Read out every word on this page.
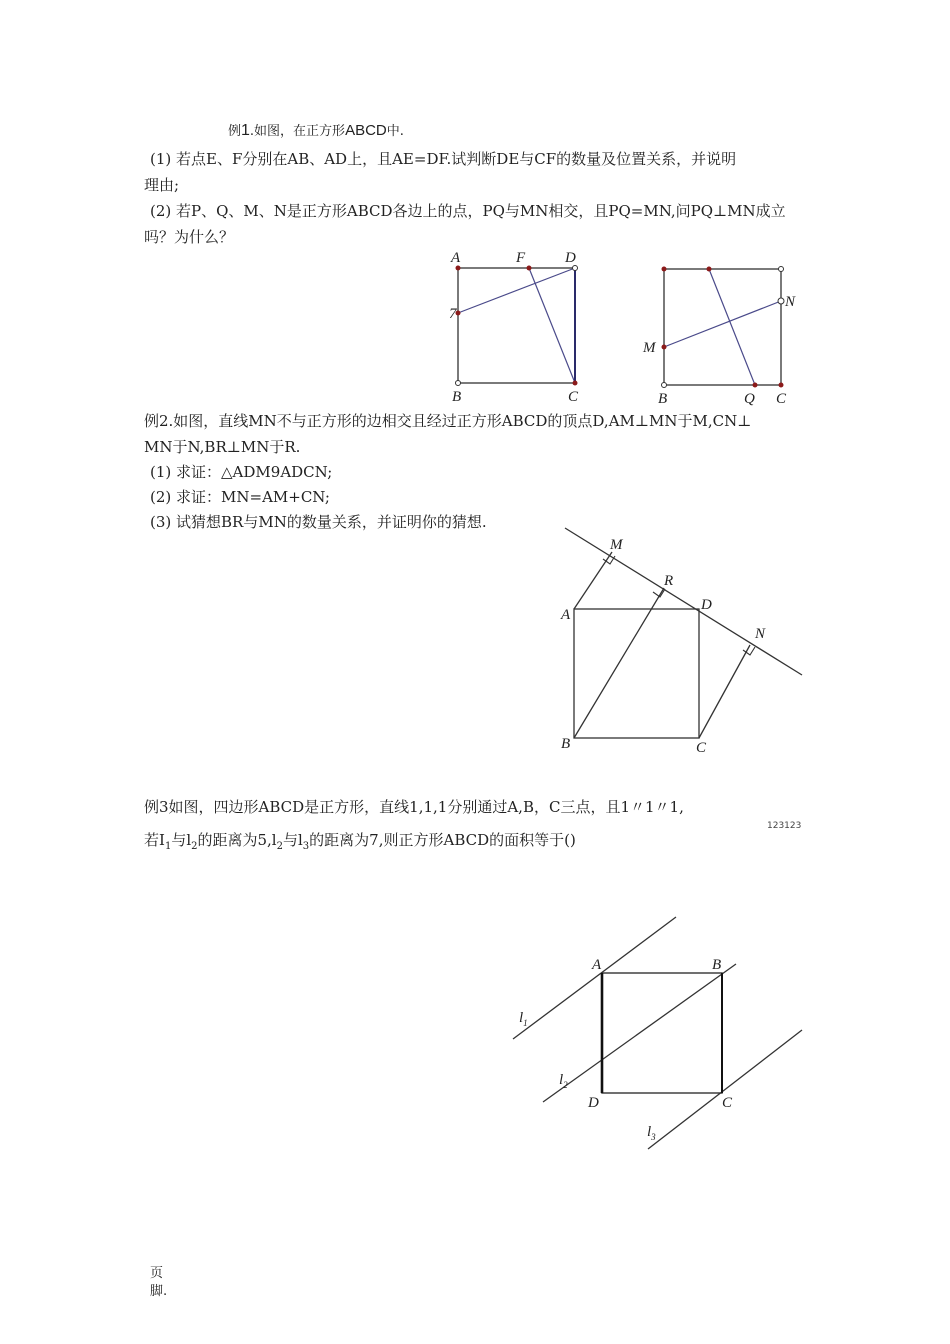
例1.如图，在正方形ABCD中.
(1) 若点E、F分别在AB、AD上，且AE=DF.试判断DE与CF的数量及位置关系，并说明
理由;
(2) 若P、Q、M、N是正方形ABCD各边上的点，PQ与MN相交，且PQ=MN,问PQ⊥MN成立
吗？为什么？
A	F	D
7
B	C
N
M
B	Q C
例2.如图，直线MN不与正方形的边相交且经过正方形ABCD的顶点D,AM⊥MN于M,CN⊥
MN于N,BR⊥MN于R.
(1) 求证：△ADM9ADCN;
(2) 求证：MN=AM+CN;
(3) 试猜想BR与MN的数量关系，并证明你的猜想.
M
R
A
D
N
B	C
例3如图，四边形ABCD是正方形，直线1,1,1分别通过A,B，C三点，且1〃1〃1,
123123
若$I_1$与$l_2$的距离为$5,l_2$与$l_3$的距离为7,则正方形ABCD的面积等于()
A	B
D	C
$l_1$
$l_2$
$l_3$
页
脚.
